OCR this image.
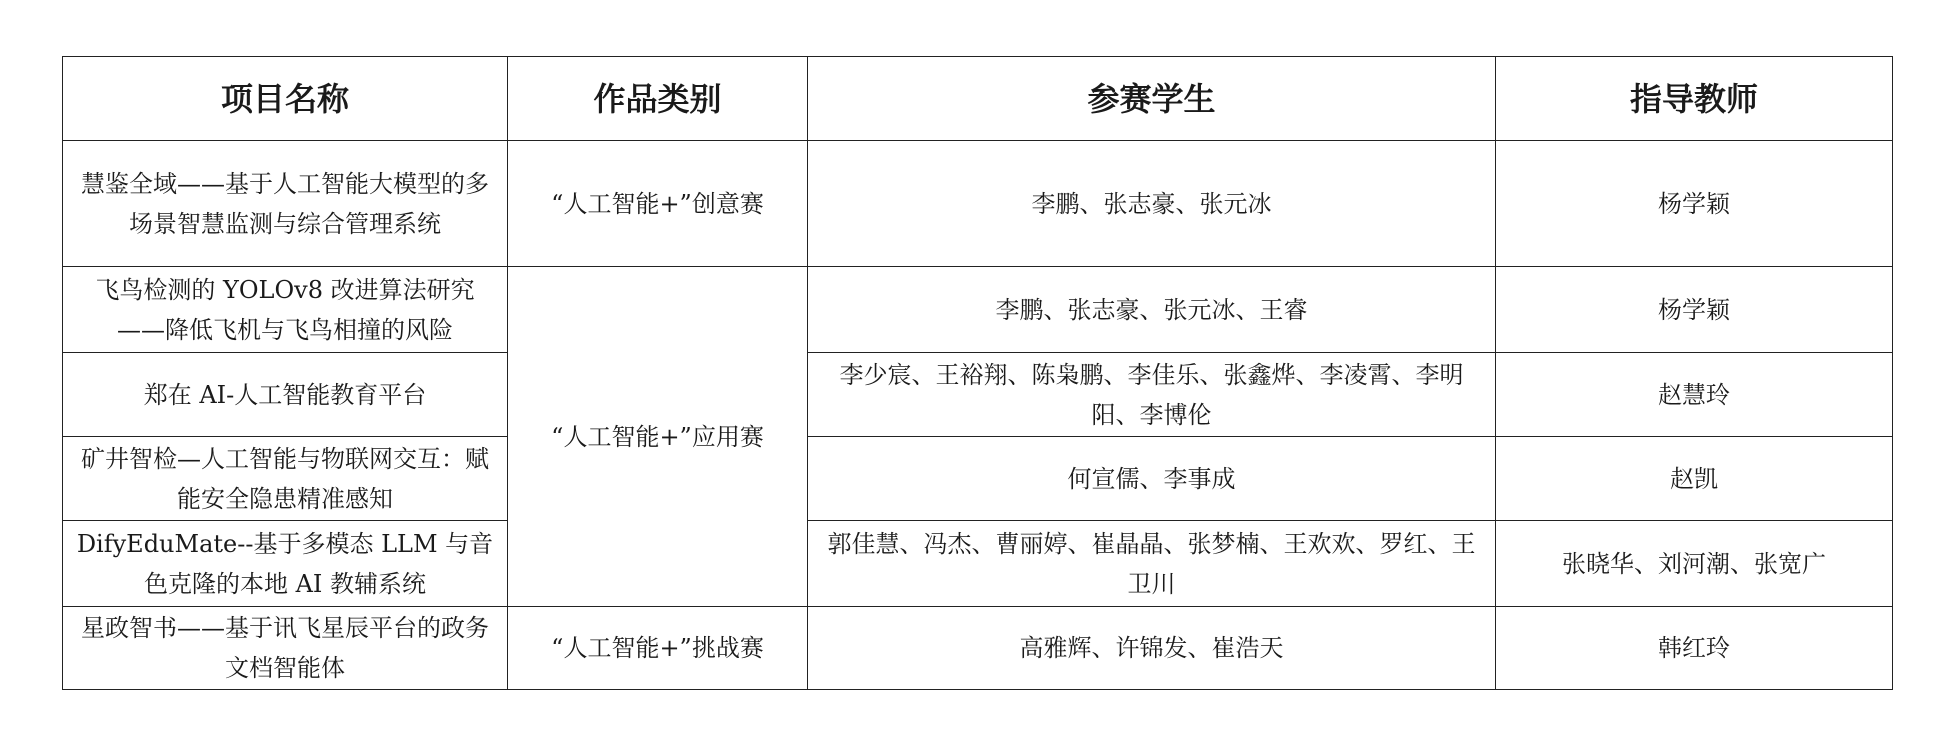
项目名称	作品类别	参赛学生	指导教师

慧鉴全域——基于人工智能大模型的多场景智慧监测与综合管理系统	“人工智能+”创意赛	李鹏、张志豪、张元冰	杨学颖

飞鸟检测的 YOLOv8 改进算法研究——降低飞机与飞鸟相撞的风险	“人工智能+”应用赛	李鹏、张志豪、张元冰、王睿	杨学颖

郑在 AI-人工智能教育平台		李少宸、王裕翔、陈枭鹏、李佳乐、张鑫烨、李凌霄、李明阳、李博伦	赵慧玲

矿井智检—人工智能与物联网交互：赋能安全隐患精准感知		何宣儒、李事成	赵凯

DifyEduMate--基于多模态 LLM 与音色克隆的本地 AI 教辅系统		郭佳慧、冯杰、曹丽婷、崔晶晶、张梦楠、王欢欢、罗红、王卫川	张晓华、刘河潮、张宽广

星政智书——基于讯飞星辰平台的政务文档智能体	“人工智能+”挑战赛	高雅辉、许锦发、崔浩天	韩红玲
